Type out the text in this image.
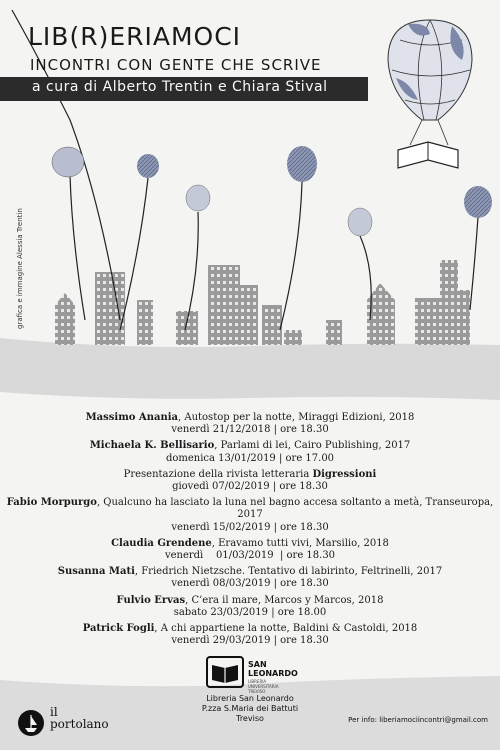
LIB(R)ERIAMOCI
INCONTRI CON GENTE CHE SCRIVE
a cura di Alberto Trentin e Chiara Stival
grafica e immagine Alessia Trentin
Massimo Anania, Autostop per la notte, Miraggi Edizioni, 2018
venerdì 21/12/2018 | ore 18.30
Michaela K. Bellisario, Parlami di lei, Cairo Publishing, 2017
domenica 13/01/2019 | ore 17.00
Presentazione della rivista letteraria Digressioni
giovedì 07/02/2019 | ore 18.30
Fabio Morpurgo, Qualcuno ha lasciato la luna nel bagno accesa soltanto a metà, Transeuropa, 2017
venerdì 15/02/2019 | ore 18.30
Claudia Grendene, Eravamo tutti vivi, Marsilio, 2018
venerdì    01/03/2019  | ore 18.30
Susanna Mati, Friedrich Nietzsche. Tentativo di labirinto, Feltrinelli, 2017
venerdì 08/03/2019 | ore 18.30
Fulvio Ervas, C’era il mare, Marcos y Marcos, 2018
sabato 23/03/2019 | ore 18.00
Patrick Fogli, A chi appartiene la notte, Baldini & Castoldi, 2018
venerdì 29/03/2019 | ore 18.30
SAN
LEONARDO
LIBRERIA UNIVERSITARIA TREVISO
Libreria San Leonardo
P.zza S.Maria dei Battuti
Treviso
il
portolano	Per info: liberiamociincontri@gmail.com
